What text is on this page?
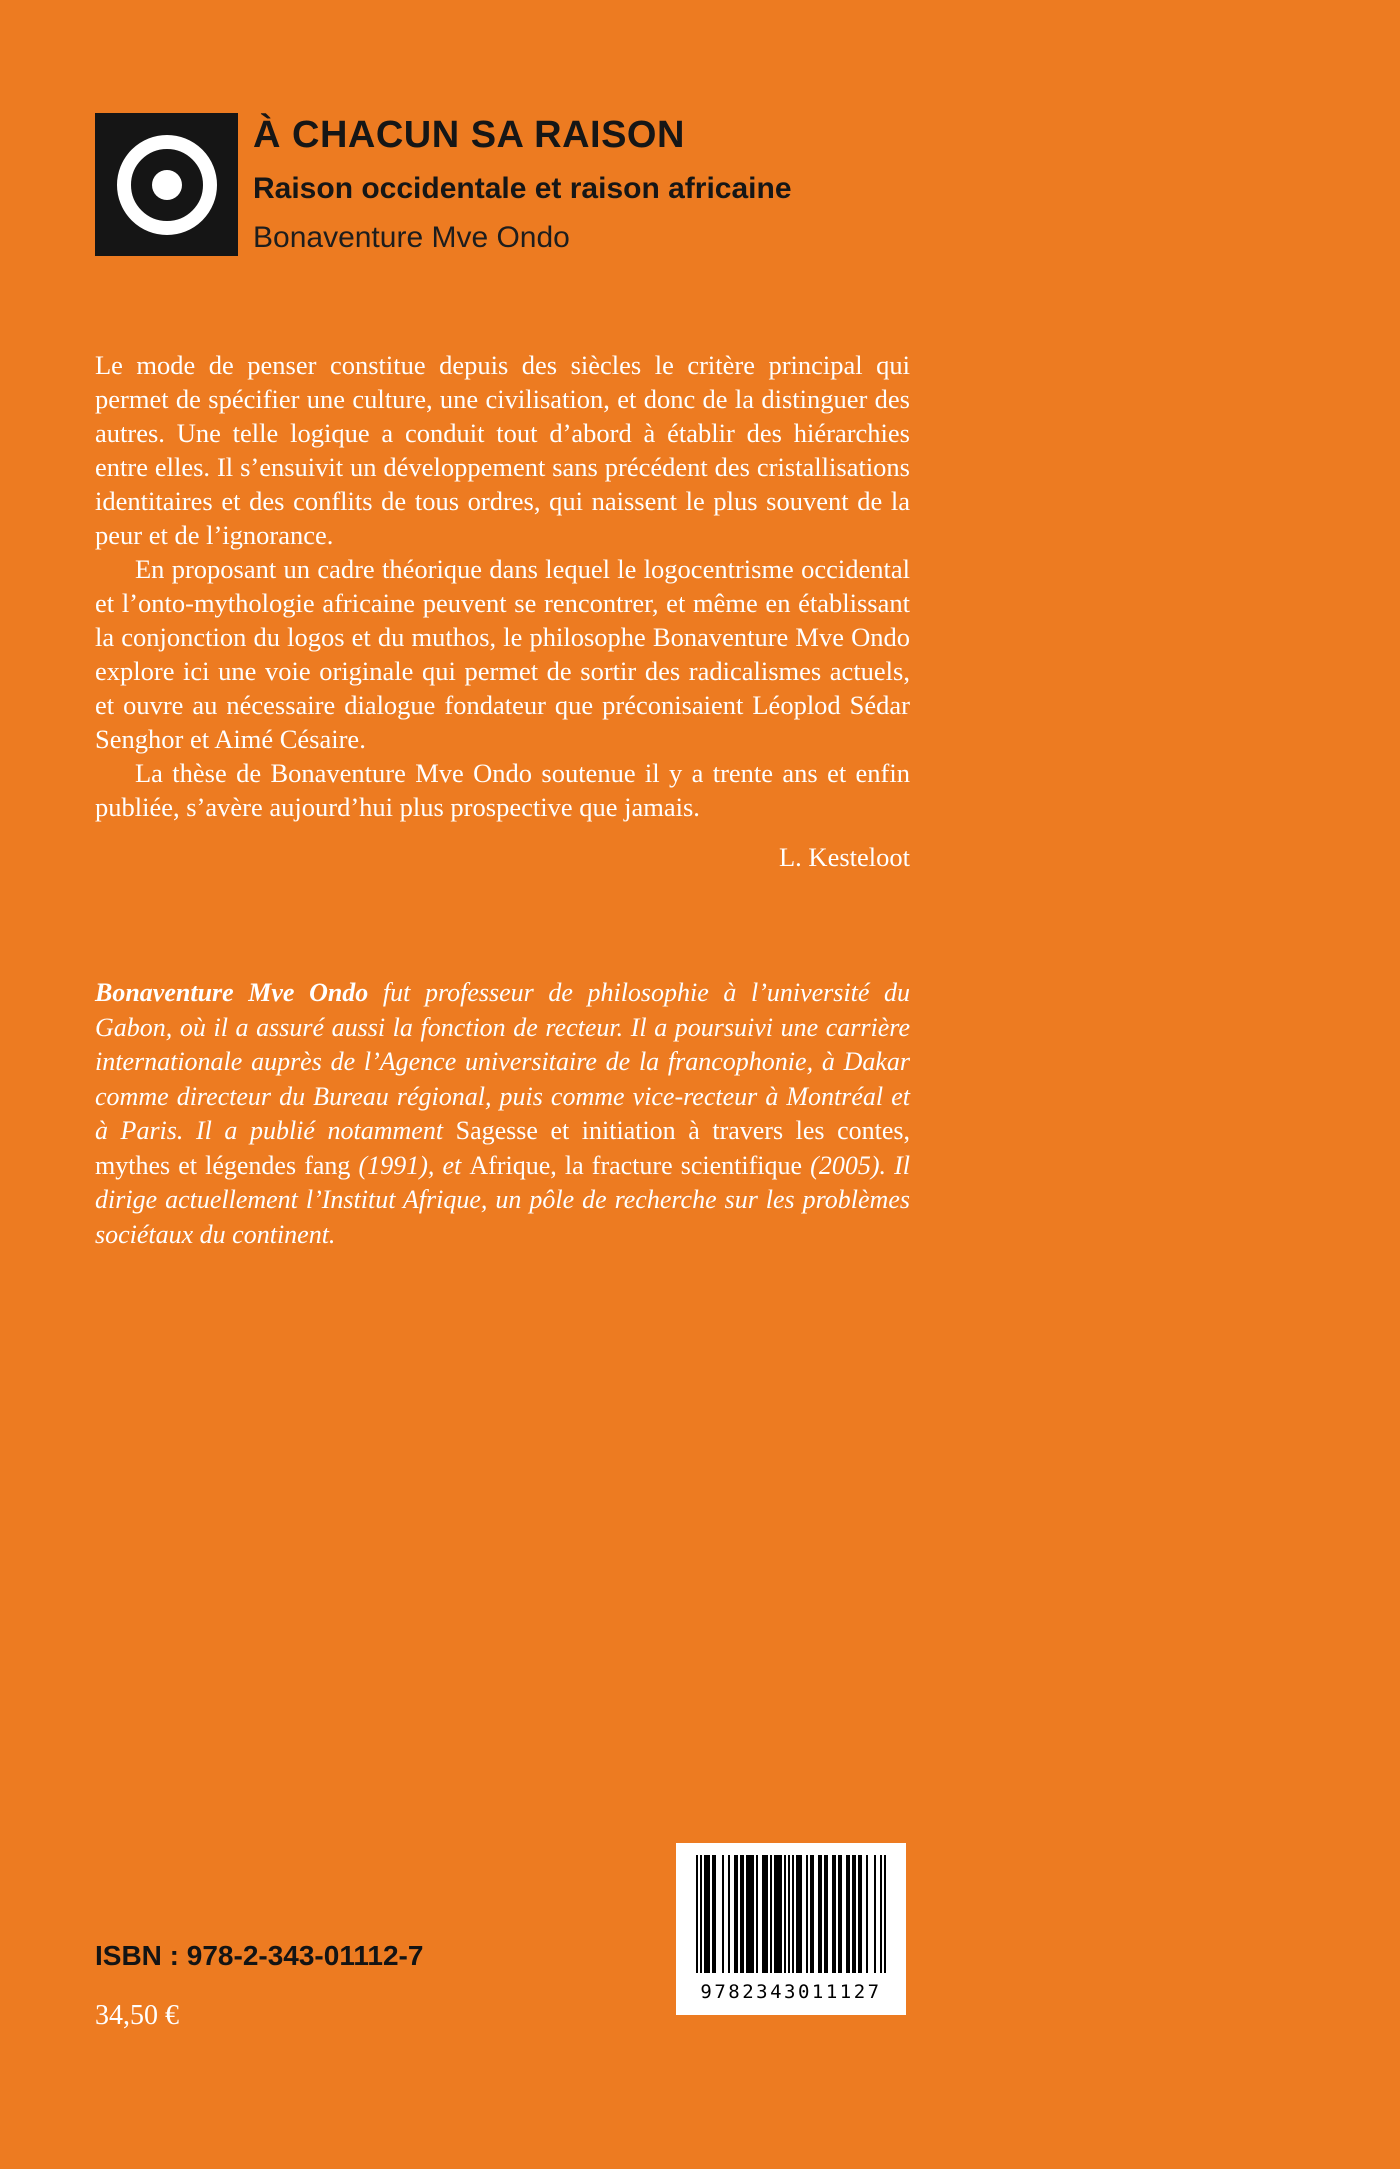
À CHACUN SA RAISON
Raison occidentale et raison africaine
Bonaventure Mve Ondo

Le mode de penser constitue depuis des siècles le critère principal qui permet de spécifier une culture, une civilisation, et donc de la distinguer des autres. Une telle logique a conduit tout d’abord à établir des hiérarchies entre elles. Il s’ensuivit un développement sans précédent des cristallisations identitaires et des conflits de tous ordres, qui naissent le plus souvent de la peur et de l’ignorance.

En proposant un cadre théorique dans lequel le logocentrisme occidental et l’onto-mythologie africaine peuvent se rencontrer, et même en établissant la conjonction du logos et du muthos, le philosophe Bonaventure Mve Ondo explore ici une voie originale qui permet de sortir des radicalismes actuels, et ouvre au nécessaire dialogue fondateur que préconisaient Léoplod Sédar Senghor et Aimé Césaire.

La thèse de Bonaventure Mve Ondo soutenue il y a trente ans et enfin publiée, s’avère aujourd’hui plus prospective que jamais.

L. Kesteloot
Bonaventure Mve Ondo fut professeur de philosophie à l’université du Gabon, où il a assuré aussi la fonction de recteur. Il a poursuivi une carrière internationale auprès de l’Agence universitaire de la francophonie, à Dakar comme directeur du Bureau régional, puis comme vice-recteur à Montréal et à Paris. Il a publié notamment Sagesse et initiation à travers les contes, mythes et légendes fang (1991), et Afrique, la fracture scientifique (2005). Il dirige actuellement l’Institut Afrique, un pôle de recherche sur les problèmes sociétaux du continent.
ISBN : 978-2-343-01112-7
34,50 €
9782343011127
